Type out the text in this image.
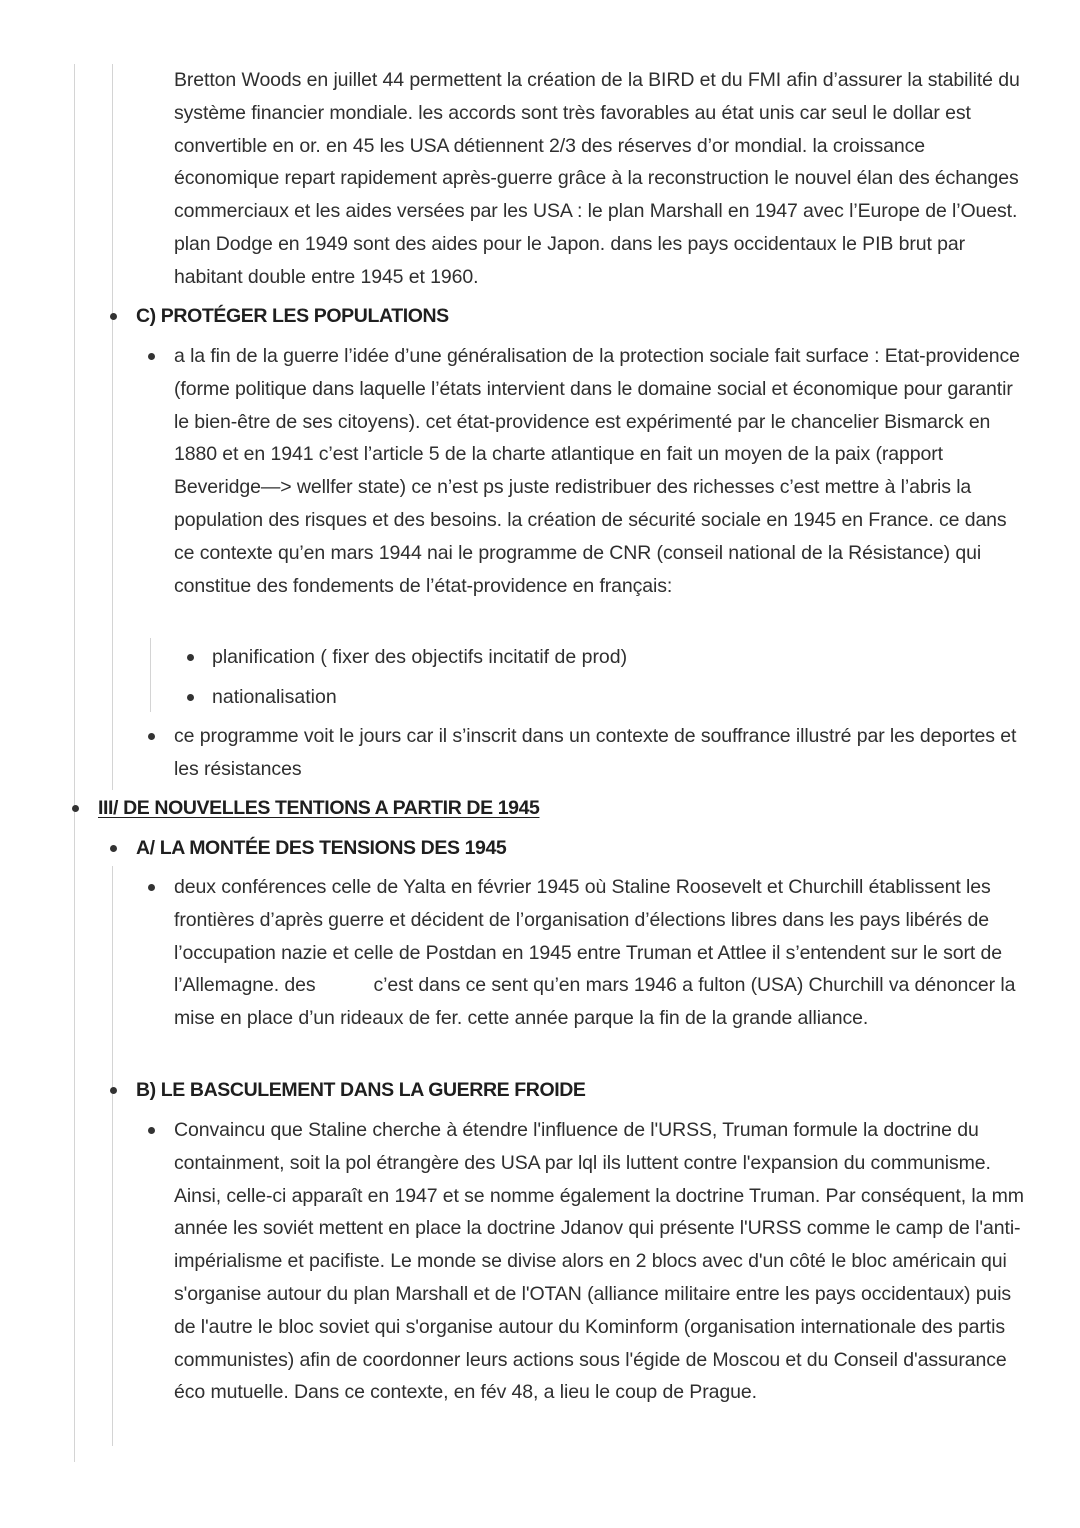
Bretton Woods en juillet 44 permettent la création de la BIRD et du FMI afin d’assurer la stabilité du système financier mondiale. les accords sont très favorables au état unis car seul le dollar est convertible en or. en 45 les USA détiennent 2/3 des réserves d’or mondial. la croissance économique repart rapidement après-guerre grâce à la reconstruction le nouvel élan des échanges commerciaux et les aides versées par les USA : le plan Marshall en 1947 avec l’Europe de l’Ouest. plan Dodge en 1949 sont des aides pour le Japon. dans les pays occidentaux le PIB brut par habitant double entre 1945 et 1960.
C) PROTÉGER LES POPULATIONS
a la fin de la guerre l’idée d’une généralisation de la protection sociale fait surface : Etat-providence (forme politique dans laquelle l’états intervient dans le domaine social et économique pour garantir le bien-être de ses citoyens). cet état-providence est expérimenté par le chancelier Bismarck en 1880 et en 1941 c’est l’article 5 de la charte atlantique en fait un moyen de la paix (rapport Beveridge—> wellfer state) ce n’est ps juste redistribuer des richesses c’est mettre à l’abris la population des risques et des besoins. la création de sécurité sociale en 1945 en France. ce dans ce contexte qu’en mars 1944 nai le programme de CNR (conseil national de la Résistance) qui constitue des fondements de l’état-providence en français:
planification ( fixer des objectifs incitatif de prod)
nationalisation
ce programme voit le jours car il s’inscrit dans un contexte de souffrance illustré par les deportes et les résistances
III/ DE NOUVELLES TENTIONS A PARTIR DE 1945
A/ LA MONTÉE DES TENSIONS DES 1945
deux conférences celle de Yalta en février 1945 où Staline Roosevelt et Churchill établissent les frontières d’après guerre et décident de l’organisation d’élections libres dans les pays libérés de l’occupation nazie et celle de Postdan en 1945 entre Truman et Attlee il s’entendent sur le sort de l’Allemagne. des	c’est dans ce sent qu’en mars 1946 a fulton (USA) Churchill va dénoncer la mise en place d’un rideaux de fer. cette année parque la fin de la grande alliance.
B) LE BASCULEMENT DANS LA GUERRE FROIDE
Convaincu que Staline cherche à étendre l'influence de l'URSS, Truman formule la doctrine du containment, soit la pol étrangère des USA par lql ils luttent contre l'expansion du communisme. Ainsi, celle-ci apparaît en 1947 et se nomme également la doctrine Truman. Par conséquent, la mm année les soviét mettent en place la doctrine Jdanov qui présente l'URSS comme le camp de l'anti-impérialisme et pacifiste. Le monde se divise alors en 2 blocs avec d'un côté le bloc américain qui s'organise autour du plan Marshall et de l'OTAN (alliance militaire entre les pays occidentaux) puis de l'autre le bloc soviet qui s'organise autour du Kominform (organisation internationale des partis communistes) afin de coordonner leurs actions sous l'égide de Moscou et du Conseil d'assurance éco mutuelle. Dans ce contexte, en fév 48, a lieu le coup de Prague.
